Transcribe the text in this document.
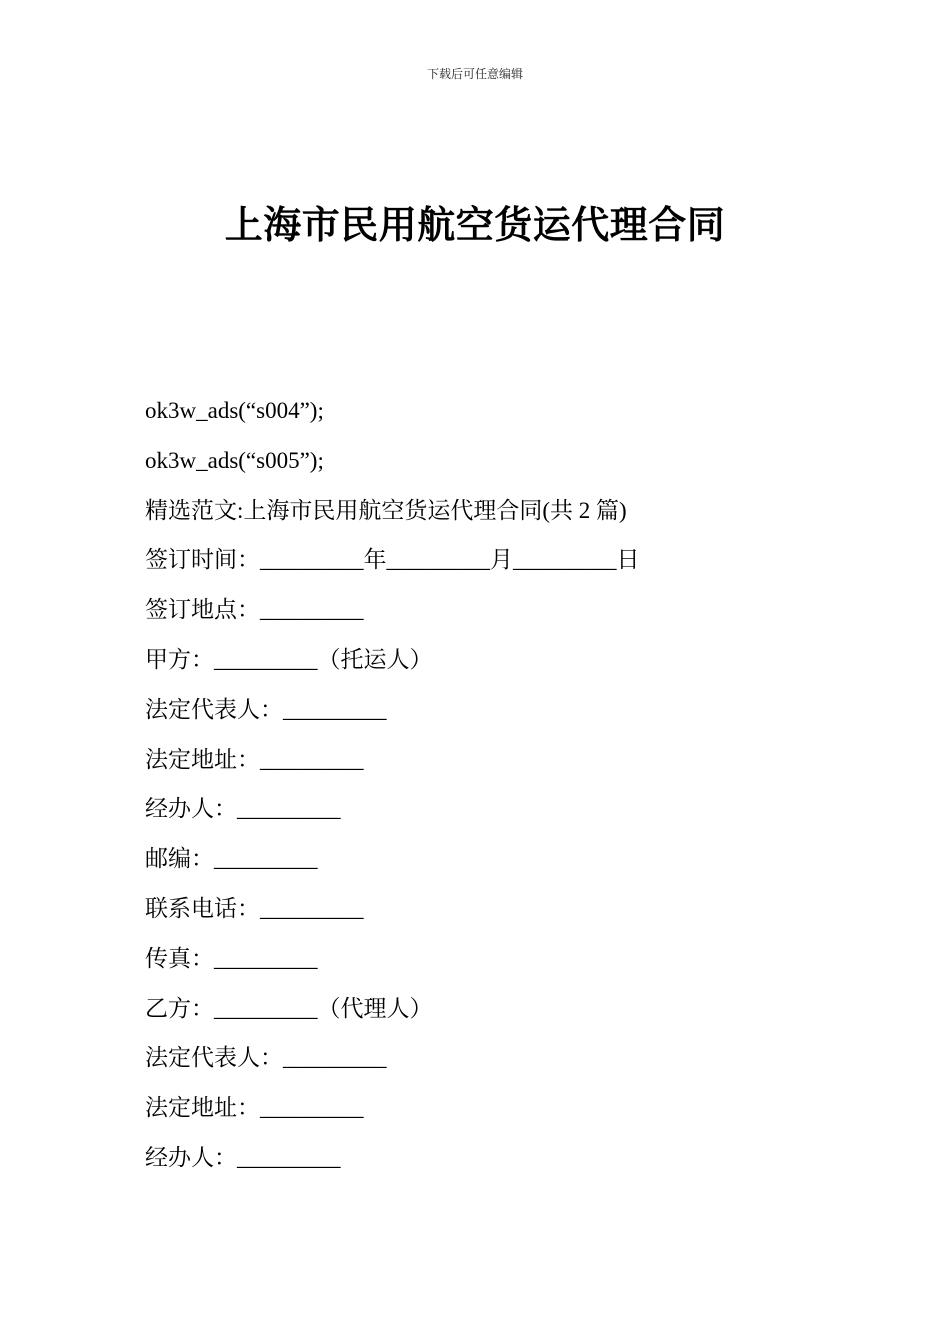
下载后可任意编辑
上海市民用航空货运代理合同
ok3w_ads(“s004”);
ok3w_ads(“s005”);
精选范文:上海市民用航空货运代理合同(共 2 篇)
签订时间：_________年_________月_________日
签订地点：_________
甲方：_________（托运人）
法定代表人：_________
法定地址：_________
经办人：_________
邮编：_________
联系电话：_________
传真：_________
乙方：_________（代理人）
法定代表人：_________
法定地址：_________
经办人：_________
